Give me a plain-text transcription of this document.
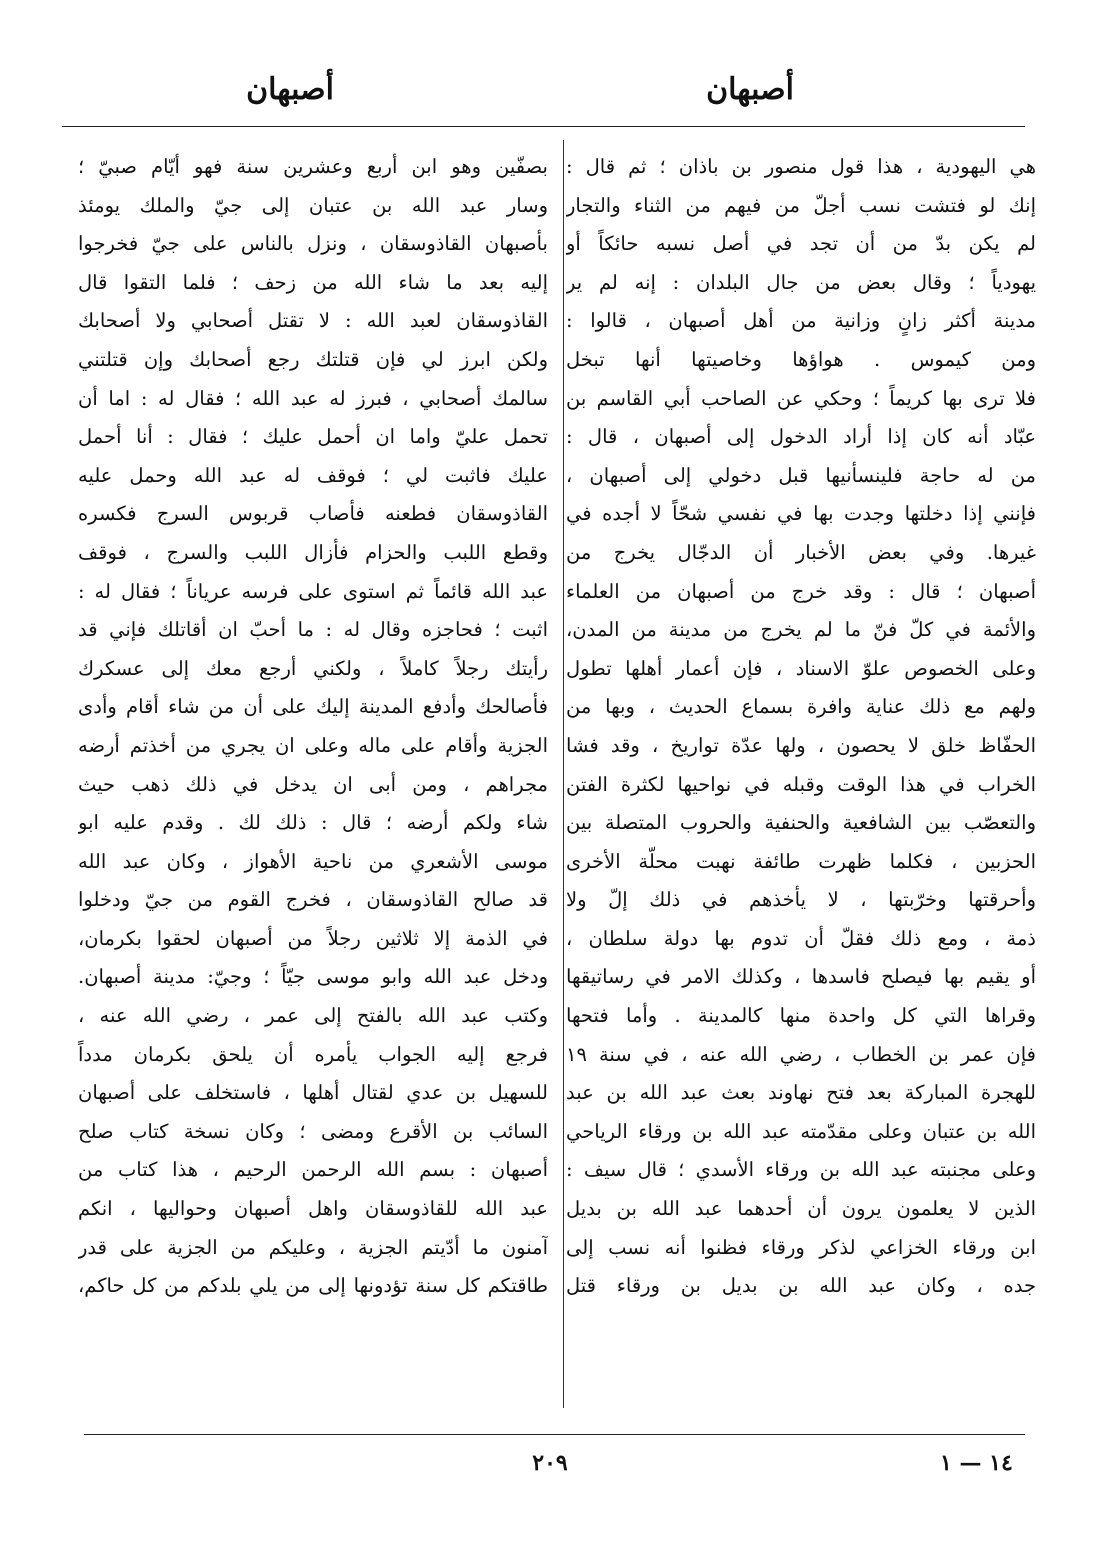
أصبهان
أصبهان
هي اليهودية ، هذا قول منصور بن باذان ؛ ثم قال :
إنك لو فتشت نسب أجلّ من فيهم من الثناء والتجار
لم يكن بدّ من أن تجد في أصل نسبه حائكاً أو
يهودياً ؛ وقال بعض من جال البلدان : إنه لم ير
مدينة أكثر زانٍ وزانية من أهل أصبهان ، قالوا :
ومن كيموس . هواؤها وخاصيتها أنها تبخل
فلا ترى بها كريماً ؛ وحكي عن الصاحب أبي القاسم بن
عبّاد أنه كان إذا أراد الدخول إلى أصبهان ، قال :
من له حاجة فلينسأنيها قبل دخولي إلى أصبهان ،
فإنني إذا دخلتها وجدت بها في نفسي شحّاً لا أجده في
غيرها. وفي بعض الأخبار أن الدجّال يخرج من
أصبهان ؛ قال : وقد خرج من أصبهان من العلماء
والأئمة في كلّ فنّ ما لم يخرج من مدينة من المدن،
وعلى الخصوص علوّ الاسناد ، فإن أعمار أهلها تطول
ولهم مع ذلك عناية وافرة بسماع الحديث ، وبها من
الحفّاظ خلق لا يحصون ، ولها عدّة تواريخ ، وقد فشا
الخراب في هذا الوقت وقبله في نواحيها لكثرة الفتن
والتعصّب بين الشافعية والحنفية والحروب المتصلة بين
الحزبين ، فكلما ظهرت طائفة نهبت محلّة الأخرى
وأحرقتها وخرّبتها ، لا يأخذهم في ذلك إلّ ولا
ذمة ، ومع ذلك فقلّ أن تدوم بها دولة سلطان ،
أو يقيم بها فيصلح فاسدها ، وكذلك الامر في رساتيقها
وقراها التي كل واحدة منها كالمدينة . وأما فتحها
فإن عمر بن الخطاب ، رضي الله عنه ، في سنة ١٩
للهجرة المباركة بعد فتح نهاوند بعث عبد الله بن عبد
الله بن عتبان وعلى مقدّمته عبد الله بن ورقاء الرياحي
وعلى مجنبته عبد الله بن ورقاء الأسدي ؛ قال سيف :
الذين لا يعلمون يرون أن أحدهما عبد الله بن بديل
ابن ورقاء الخزاعي لذكر ورقاء فظنوا أنه نسب إلى
جده ، وكان عبد الله بن بديل بن ورقاء قتل
بصفّين وهو ابن أربع وعشرين سنة فهو أيّام صبيّ ؛
وسار عبد الله بن عتبان إلى جيّ والملك يومئذ
بأصبهان القاذوسقان ، ونزل بالناس على جيّ فخرجوا
إليه بعد ما شاء الله من زحف ؛ فلما التقوا قال
القاذوسقان لعبد الله : لا تقتل أصحابي ولا أصحابك
ولكن ابرز لي فإن قتلتك رجع أصحابك وإن قتلتني
سالمك أصحابي ، فبرز له عبد الله ؛ فقال له : اما أن
تحمل عليّ واما ان أحمل عليك ؛ فقال : أنا أحمل
عليك فاثبت لي ؛ فوقف له عبد الله وحمل عليه
القاذوسقان فطعنه فأصاب قربوس السرج فكسره
وقطع اللبب والحزام فأزال اللبب والسرج ، فوقف
عبد الله قائماً ثم استوى على فرسه عرياناً ؛ فقال له :
اثبت ؛ فحاجزه وقال له : ما أحبّ ان أقاتلك فإني قد
رأيتك رجلاً كاملاً ، ولكني أرجع معك إلى عسكرك
فأصالحك وأدفع المدينة إليك على أن من شاء أقام وأدى
الجزية وأقام على ماله وعلى ان يجري من أخذتم أرضه
مجراهم ، ومن أبى ان يدخل في ذلك ذهب حيث
شاء ولكم أرضه ؛ قال : ذلك لك . وقدم عليه ابو
موسى الأشعري من ناحية الأهواز ، وكان عبد الله
قد صالح القاذوسقان ، فخرج القوم من جيّ ودخلوا
في الذمة إلا ثلاثين رجلاً من أصبهان لحقوا بكرمان،
ودخل عبد الله وابو موسى جيّاً ؛ وجيّ: مدينة أصبهان.
وكتب عبد الله بالفتح إلى عمر ، رضي الله عنه ،
فرجع إليه الجواب يأمره أن يلحق بكرمان مدداً
للسهيل بن عدي لقتال أهلها ، فاستخلف على أصبهان
السائب بن الأقرع ومضى ؛ وكان نسخة كتاب صلح
أصبهان : بسم الله الرحمن الرحيم ، هذا كتاب من
عبد الله للقاذوسقان واهل أصبهان وحواليها ، انكم
آمنون ما أدّيتم الجزية ، وعليكم من الجزية على قدر
طاقتكم كل سنة تؤدونها إلى من يلي بلدكم من كل حاكم،
٢٠٩	١٤ — ١
